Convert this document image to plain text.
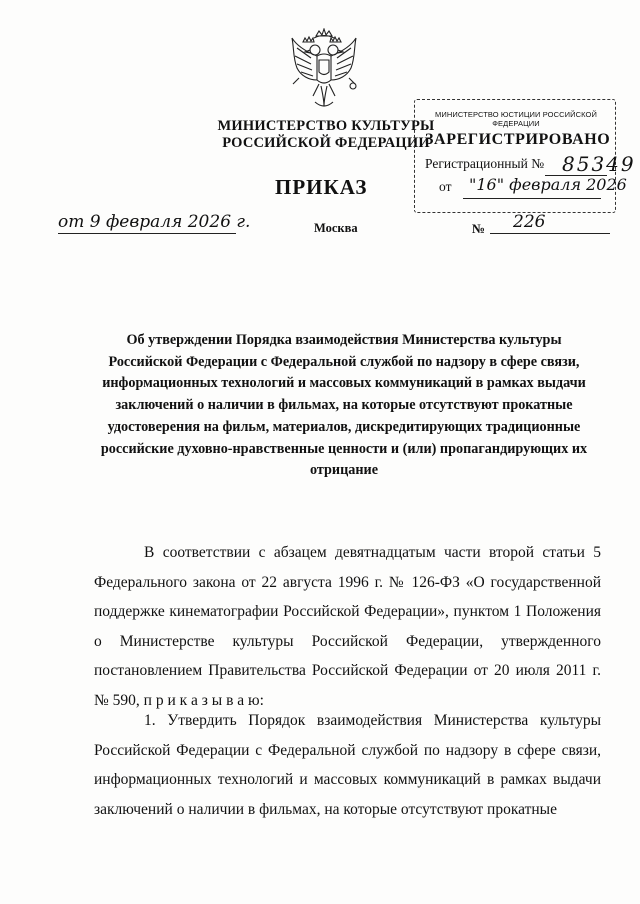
МИНИСТЕРСТВО КУЛЬТУРЫ
РОССИЙСКОЙ ФЕДЕРАЦИИ
МИНИСТЕРСТВО ЮСТИЦИИ РОССИЙСКОЙ ФЕДЕРАЦИИ
ЗАРЕГИСТРИРОВАНО
Регистрационный № 85349
от "16" февраля 2026
ПРИКАЗ
от 9 февраля 2026 г.	Москва	№ 226
Об утверждении Порядка взаимодействия Министерства культуры Российской Федерации с Федеральной службой по надзору в сфере связи, информационных технологий и массовых коммуникаций в рамках выдачи заключений о наличии в фильмах, на которые отсутствуют прокатные удостоверения на фильм, материалов, дискредитирующих традиционные российские духовно-нравственные ценности и (или) пропагандирующих их отрицание
В соответствии с абзацем девятнадцатым части второй статьи 5 Федерального закона от 22 августа 1996 г. № 126-ФЗ «О государственной поддержке кинематографии Российской Федерации», пунктом 1 Положения о Министерстве культуры Российской Федерации, утвержденного постановлением Правительства Российской Федерации от 20 июля 2011 г. № 590, п р и к а з ы в а ю:
1. Утвердить Порядок взаимодействия Министерства культуры Российской Федерации с Федеральной службой по надзору в сфере связи, информационных технологий и массовых коммуникаций в рамках выдачи заключений о наличии в фильмах, на которые отсутствуют прокатные
